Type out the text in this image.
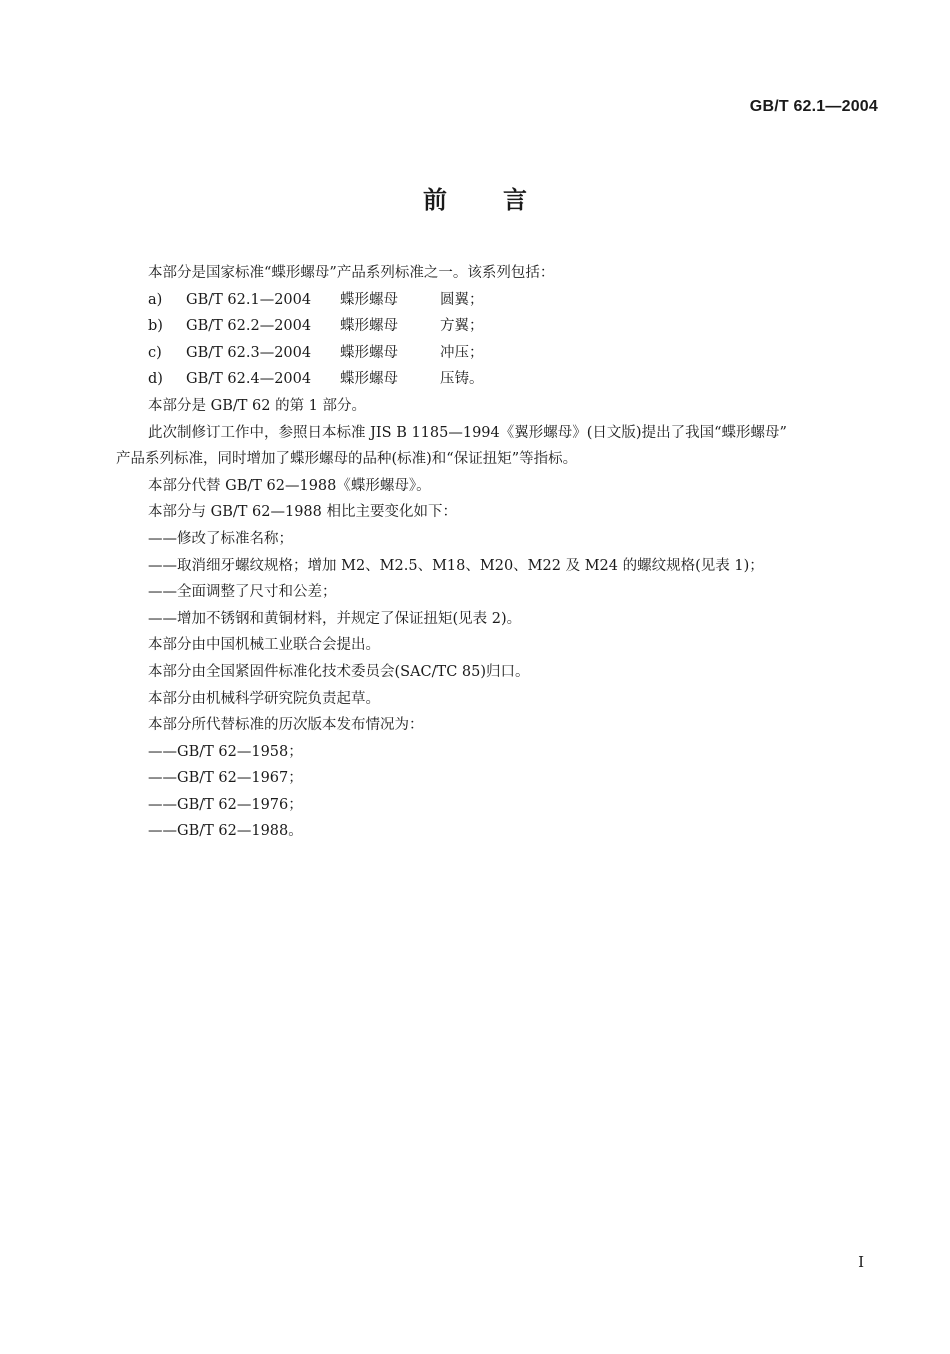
GB/T 62.1—2004
前 言
本部分是国家标准“蝶形螺母”产品系列标准之一。该系列包括：
a) GB/T 62.1—2004 蝶形螺母	圆翼；
b) GB/T 62.2—2004 蝶形螺母	方翼；
c) GB/T 62.3—2004 蝶形螺母	冲压；
d) GB/T 62.4—2004 蝶形螺母	压铸。
本部分是 GB/T 62 的第 1 部分。
此次制修订工作中，参照日本标准 JIS B 1185—1994《翼形螺母》(日文版)提出了我国“蝶形螺母”
产品系列标准，同时增加了蝶形螺母的品种(标准)和“保证扭矩”等指标。
本部分代替 GB/T 62—1988《蝶形螺母》。
本部分与 GB/T 62—1988 相比主要变化如下：
——修改了标准名称；
——取消细牙螺纹规格；增加 M2、M2.5、M18、M20、M22 及 M24 的螺纹规格(见表 1)；
——全面调整了尺寸和公差；
——增加不锈钢和黄铜材料，并规定了保证扭矩(见表 2)。
本部分由中国机械工业联合会提出。
本部分由全国紧固件标准化技术委员会(SAC/TC 85)归口。
本部分由机械科学研究院负责起草。
本部分所代替标准的历次版本发布情况为：
——GB/T 62—1958；
——GB/T 62—1967；
——GB/T 62—1976；
——GB/T 62—1988。
I
